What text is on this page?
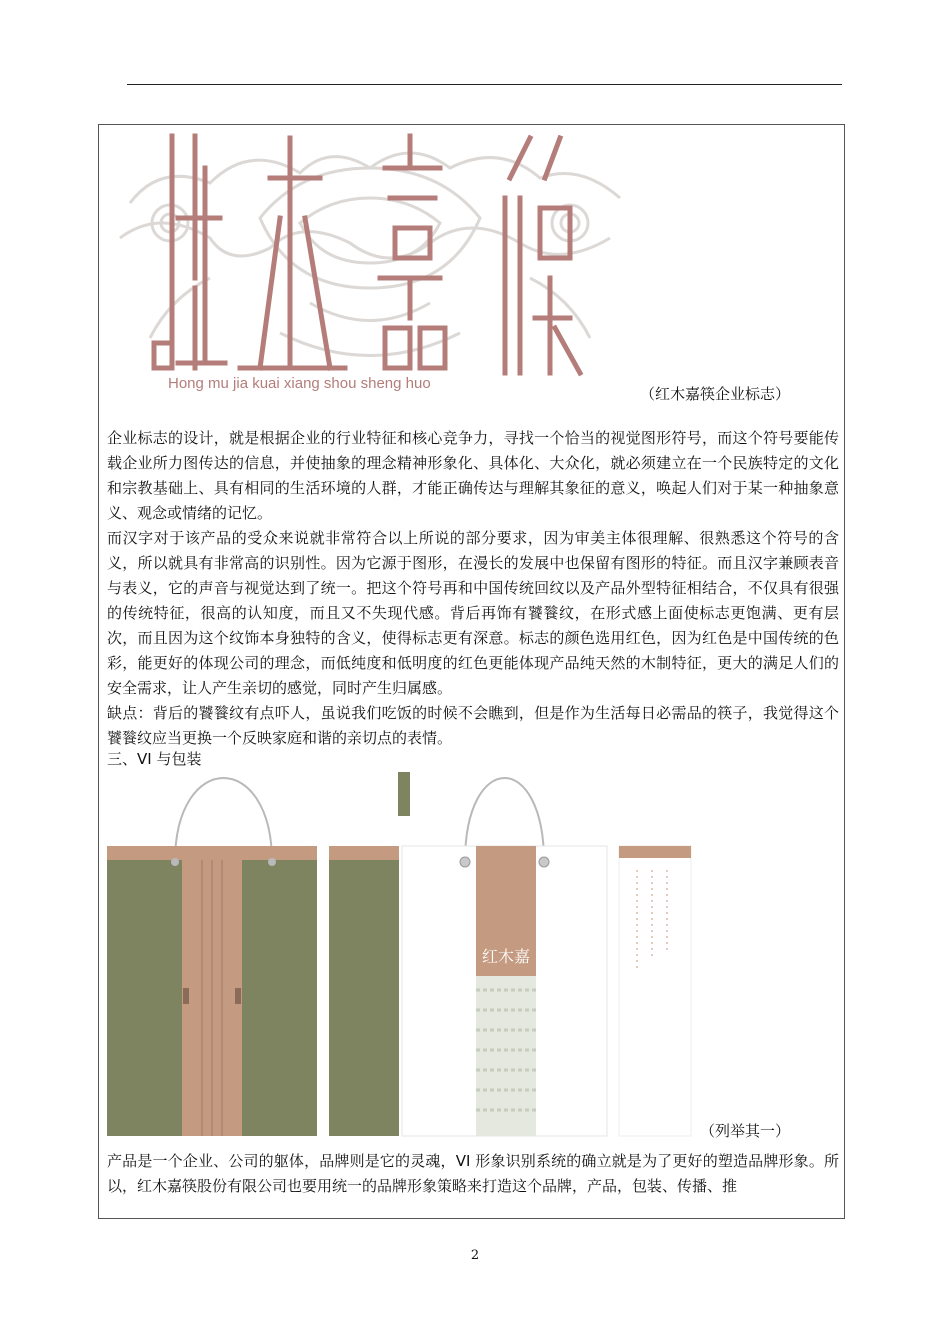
Hong mu jia kuai xiang shou sheng huo
（红木嘉筷企业标志）

企业标志的设计，就是根据企业的行业特征和核心竞争力，寻找一个恰当的视觉图形符号，而这个符号要能传载企业所力图传达的信息，并使抽象的理念精神形象化、具体化、大众化，就必须建立在一个民族特定的文化和宗教基础上、具有相同的生活环境的人群，才能正确传达与理解其象征的意义，唤起人们对于某一种抽象意义、观念或情绪的记忆。

而汉字对于该产品的受众来说就非常符合以上所说的部分要求，因为审美主体很理解、很熟悉这个符号的含义，所以就具有非常高的识别性。因为它源于图形，在漫长的发展中也保留有图形的特征。而且汉字兼顾表音与表义，它的声音与视觉达到了统一。把这个符号再和中国传统回纹以及产品外型特征相结合，不仅具有很强的传统特征，很高的认知度，而且又不失现代感。背后再饰有饕餮纹，在形式感上面使标志更饱满、更有层次，而且因为这个纹饰本身独特的含义，使得标志更有深意。标志的颜色选用红色，因为红色是中国传统的色彩，能更好的体现公司的理念，而低纯度和低明度的红色更能体现产品纯天然的木制特征，更大的满足人们的安全需求，让人产生亲切的感觉，同时产生归属感。

缺点：背后的饕餮纹有点吓人，虽说我们吃饭的时候不会瞧到，但是作为生活每日必需品的筷子，我觉得这个饕餮纹应当更换一个反映家庭和谐的亲切点的表情。

三、VI 与包装
红木嘉
（列举其一）

产品是一个企业、公司的躯体，品牌则是它的灵魂，VI 形象识别系统的确立就是为了更好的塑造品牌形象。所以，红木嘉筷股份有限公司也要用统一的品牌形象策略来打造这个品牌，产品，包装、传播、推

2
